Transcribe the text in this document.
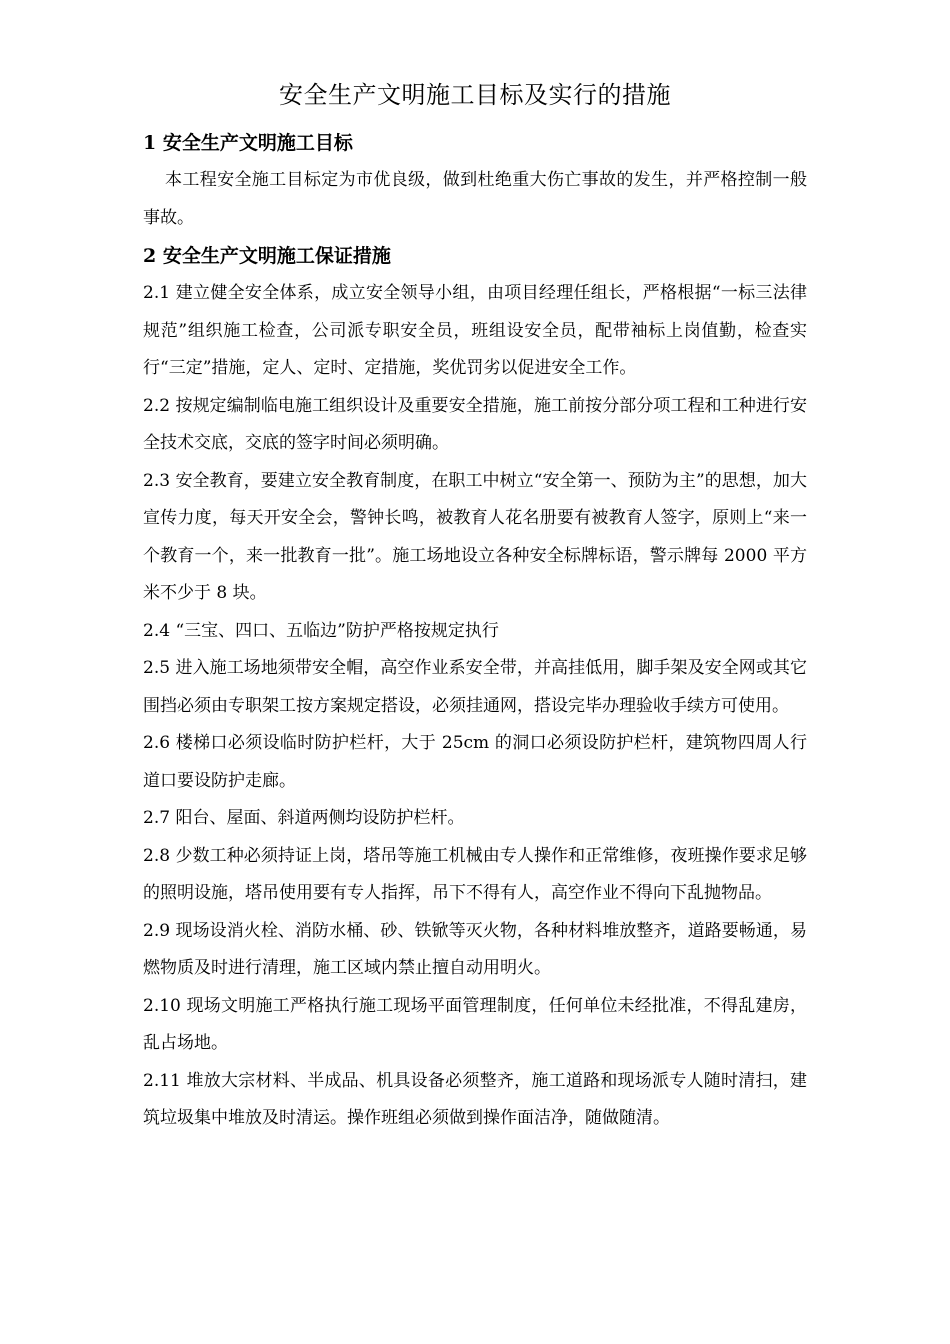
安全生产文明施工目标及实行的措施
1 安全生产文明施工目标

本工程安全施工目标定为市优良级，做到杜绝重大伤亡事故的发生，并严格控制一般事故。

2 安全生产文明施工保证措施

2.1 建立健全安全体系，成立安全领导小组，由项目经理任组长，严格根据“一标三法律规范”组织施工检查，公司派专职安全员，班组设安全员，配带袖标上岗值勤，检查实行“三定”措施，定人、定时、定措施，奖优罚劣以促进安全工作。

2.2 按规定编制临电施工组织设计及重要安全措施，施工前按分部分项工程和工种进行安全技术交底，交底的签字时间必须明确。

2.3 安全教育，要建立安全教育制度，在职工中树立“安全第一、预防为主”的思想，加大宣传力度，每天开安全会，警钟长鸣，被教育人花名册要有被教育人签字，原则上“来一个教育一个，来一批教育一批”。施工场地设立各种安全标牌标语，警示牌每 2000 平方米不少于 8 块。

2.4 “三宝、四口、五临边”防护严格按规定执行

2.5 进入施工场地须带安全帽，高空作业系安全带，并高挂低用，脚手架及安全网或其它围挡必须由专职架工按方案规定搭设，必须挂通网，搭设完毕办理验收手续方可使用。

2.6 楼梯口必须设临时防护栏杆，大于 25cm 的洞口必须设防护栏杆，建筑物四周人行道口要设防护走廊。

2.7 阳台、屋面、斜道两侧均设防护栏杆。

2.8 少数工种必须持证上岗，塔吊等施工机械由专人操作和正常维修，夜班操作要求足够的照明设施，塔吊使用要有专人指挥，吊下不得有人，高空作业不得向下乱抛物品。

2.9 现场设消火栓、消防水桶、砂、铁锨等灭火物，各种材料堆放整齐，道路要畅通，易燃物质及时进行清理，施工区域内禁止擅自动用明火。

2.10 现场文明施工严格执行施工现场平面管理制度，任何单位未经批准，不得乱建房，乱占场地。

2.11 堆放大宗材料、半成品、机具设备必须整齐，施工道路和现场派专人随时清扫，建筑垃圾集中堆放及时清运。操作班组必须做到操作面洁净，随做随清。
